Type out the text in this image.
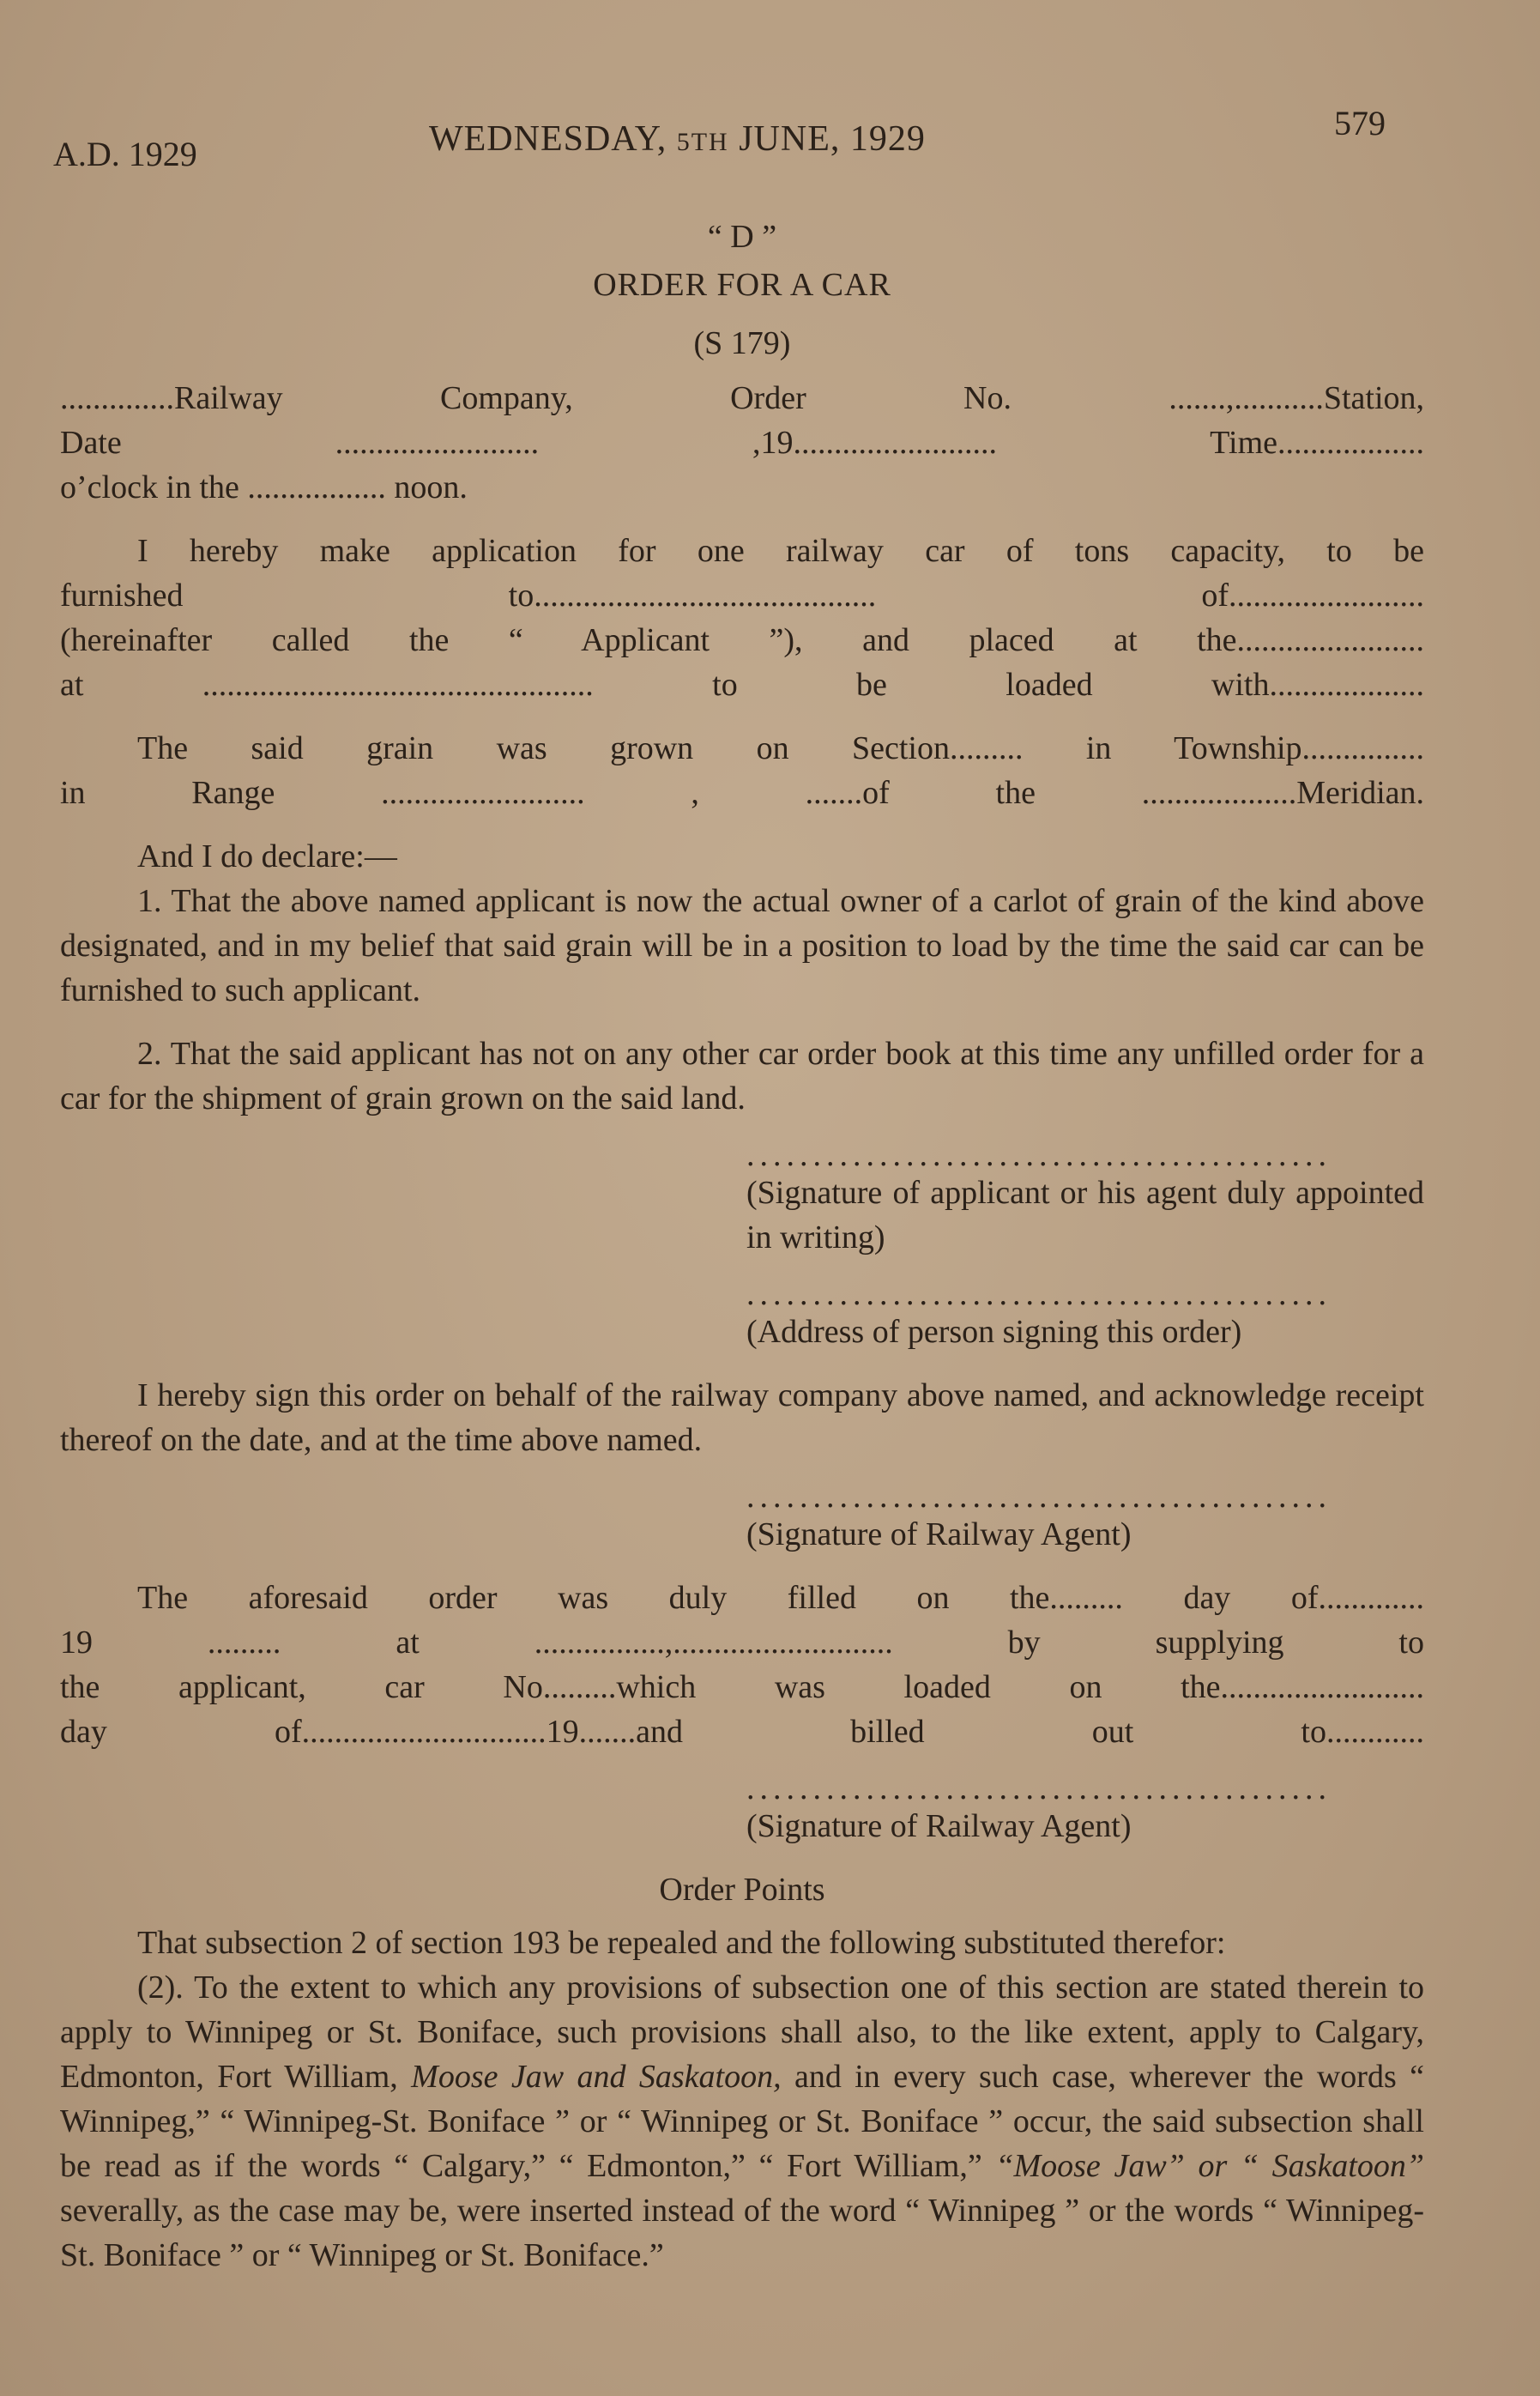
A.D. 1929	WEDNESDAY, 5TH JUNE, 1929	579
“ D ”
ORDER FOR A CAR
(S 179)

..............Railway Company, Order No. .......,...........Station,

Date ......................... ,19......................... Time..................

o’clock in the ................. noon.

I hereby make application for one railway car of tons capacity, to be

furnished to.......................................... of........................

(hereinafter called the “ Applicant ”), and placed at the.......................

at ................................................ to be loaded with...................

The said grain was grown on Section......... in Township...............

in Range ......................... , .......of the ...................Meridian.

And I do declare:—

1. That the above named applicant is now the actual owner of a carlot of grain of the kind above designated, and in my belief that said grain will be in a position to load by the time the said car can be furnished to such applicant.

2. That the said applicant has not on any other car order book at this time any unfilled order for a car for the shipment of grain grown on the said land.

............................................
(Signature of applicant or his agent duly appointed in writing)
............................................
(Address of person signing this order)

I hereby sign this order on behalf of the railway company above named, and acknowledge receipt thereof on the date, and at the time above named.

............................................
(Signature of Railway Agent)

The aforesaid order was duly filled on the......... day of.............

19 ......... at ................,........................... by supplying to

the applicant, car No.........which was loaded on the.........................

day of..............................19.......and billed out to............

............................................
(Signature of Railway Agent)
Order Points

That subsection 2 of section 193 be repealed and the following substituted therefor:

(2). To the extent to which any provisions of subsection one of this section are stated therein to apply to Winnipeg or St. Boniface, such provisions shall also, to the like extent, apply to Calgary, Edmonton, Fort William, Moose Jaw and Saskatoon, and in every such case, wherever the words “ Winnipeg,” “ Winnipeg-St. Boniface ” or “ Winnipeg or St. Boniface ” occur, the said subsection shall be read as if the words “ Calgary,” “ Edmonton,” “ Fort William,” “Moose Jaw” or “ Saskatoon” severally, as the case may be, were inserted instead of the word “ Winnipeg ” or the words “ Winnipeg-St. Boniface ” or “ Winnipeg or St. Boniface.”
